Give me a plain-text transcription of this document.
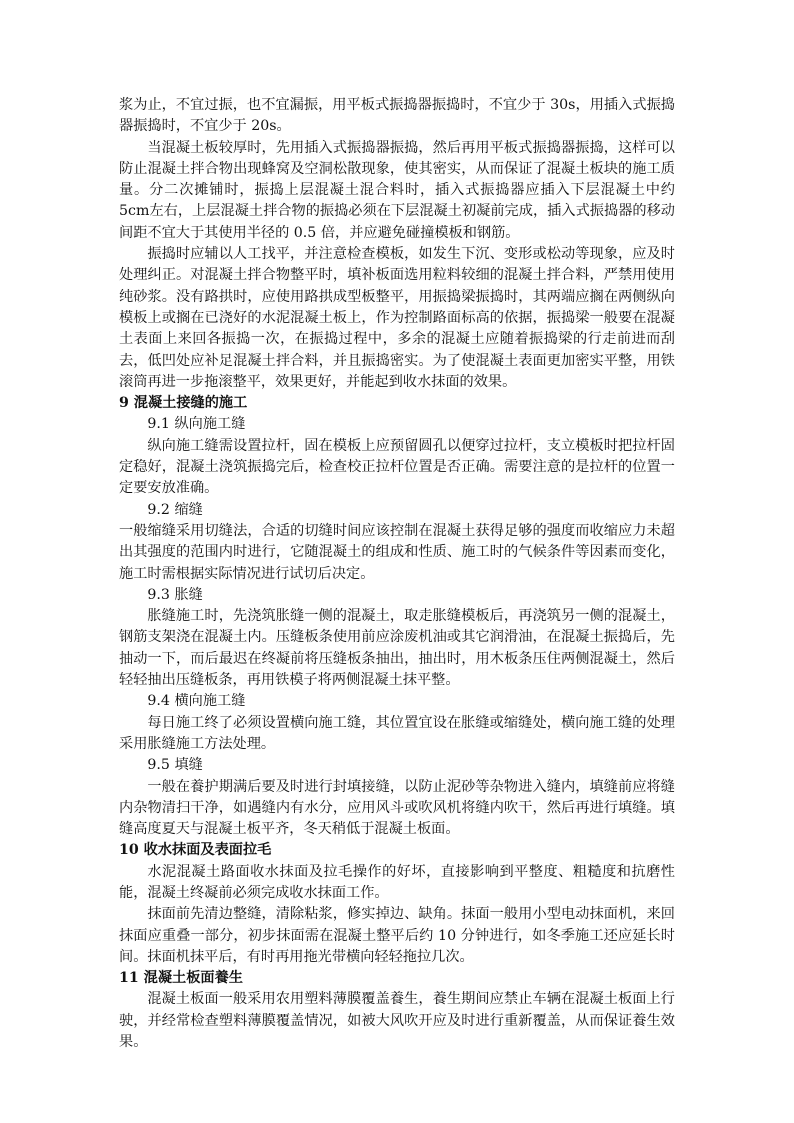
浆为止，不宜过振，也不宜漏振，用平板式振捣器振捣时，不宜少于 30s，用插入式振捣器振捣时，不宜少于 20s。

当混凝土板较厚时，先用插入式振捣器振捣，然后再用平板式振捣器振捣，这样可以防止混凝土拌合物出现蜂窝及空洞松散现象，使其密实，从而保证了混凝土板块的施工质量。分二次摊铺时，振捣上层混凝土混合料时，插入式振捣器应插入下层混凝土中约 5cm左右，上层混凝土拌合物的振捣必须在下层混凝土初凝前完成，插入式振捣器的移动间距不宜大于其使用半径的 0.5 倍，并应避免碰撞模板和钢筋。

振捣时应辅以人工找平，并注意检查模板，如发生下沉、变形或松动等现象，应及时处理纠正。对混凝土拌合物整平时，填补板面选用粒料较细的混凝土拌合料，严禁用使用纯砂浆。没有路拱时，应使用路拱成型板整平，用振捣梁振捣时，其两端应搁在两侧纵向模板上或搁在已浇好的水泥混凝土板上，作为控制路面标高的依据，振捣梁一般要在混凝土表面上来回各振捣一次，在振捣过程中，多余的混凝土应随着振捣梁的行走前进而刮去，低凹处应补足混凝土拌合料，并且振捣密实。为了使混凝土表面更加密实平整，用铁滚筒再进一步拖滚整平，效果更好，并能起到收水抹面的效果。

9 混凝土接缝的施工

9.1 纵向施工缝

纵向施工缝需设置拉杆，固在模板上应预留圆孔以便穿过拉杆，支立模板时把拉杆固定稳好，混凝土浇筑振捣完后，检查校正拉杆位置是否正确。需要注意的是拉杆的位置一定要安放准确。

9.2 缩缝

一般缩缝采用切缝法，合适的切缝时间应该控制在混凝土获得足够的强度而收缩应力未超出其强度的范围内时进行，它随混凝土的组成和性质、施工时的气候条件等因素而变化，施工时需根据实际情况进行试切后决定。

9.3 胀缝

胀缝施工时，先浇筑胀缝一侧的混凝土，取走胀缝模板后，再浇筑另一侧的混凝土，钢筋支架浇在混凝土内。压缝板条使用前应涂废机油或其它润滑油，在混凝土振捣后，先抽动一下，而后最迟在终凝前将压缝板条抽出，抽出时，用木板条压住两侧混凝土，然后轻轻抽出压缝板条，再用铁模子将两侧混凝土抹平整。

9.4 横向施工缝

每日施工终了必须设置横向施工缝，其位置宜设在胀缝或缩缝处，横向施工缝的处理采用胀缝施工方法处理。

9.5 填缝

一般在養护期满后要及时进行封填接缝，以防止泥砂等杂物进入缝内，填缝前应将缝内杂物清扫干净，如遇缝内有水分，应用风斗或吹风机将缝内吹干，然后再进行填缝。填缝高度夏天与混凝土板平齐，冬天稍低于混凝土板面。

10 收水抹面及表面拉毛

水泥混凝土路面收水抹面及拉毛操作的好坏，直接影响到平整度、粗糙度和抗磨性能，混凝土终凝前必须完成收水抹面工作。

抹面前先清边整缝，清除粘浆，修实掉边、缺角。抹面一般用小型电动抹面机，来回抹面应重叠一部分，初步抹面需在混凝土整平后约 10 分钟进行，如冬季施工还应延长时间。抹面机抹平后，有时再用拖光带横向轻轻拖拉几次。

11 混凝土板面養生

混凝土板面一般采用农用塑料薄膜覆盖養生，養生期间应禁止车辆在混凝土板面上行驶，并经常检查塑料薄膜覆盖情况，如被大风吹开应及时进行重新覆盖，从而保证養生效果。
